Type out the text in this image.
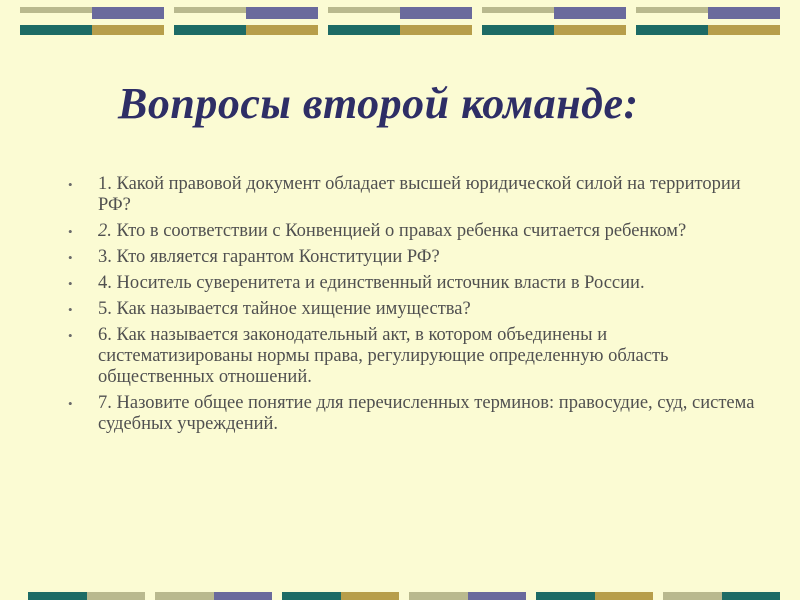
Вопросы второй команде:
• 1. Какой правовой документ обладает высшей юридической силой на территории РФ?
• 2. Кто в соответствии с Конвенцией о правах ребенка считается ребенком?
• 3. Кто является гарантом Конституции РФ?
• 4. Носитель суверенитета и единственный источник власти в России.
• 5. Как называется тайное хищение имущества?
• 6. Как называется законодательный акт, в котором объединены и систематизированы нормы права, регулирующие определенную область общественных отношений.
• 7. Назовите общее понятие для перечисленных терминов: правосудие, суд, система судебных учреждений.
